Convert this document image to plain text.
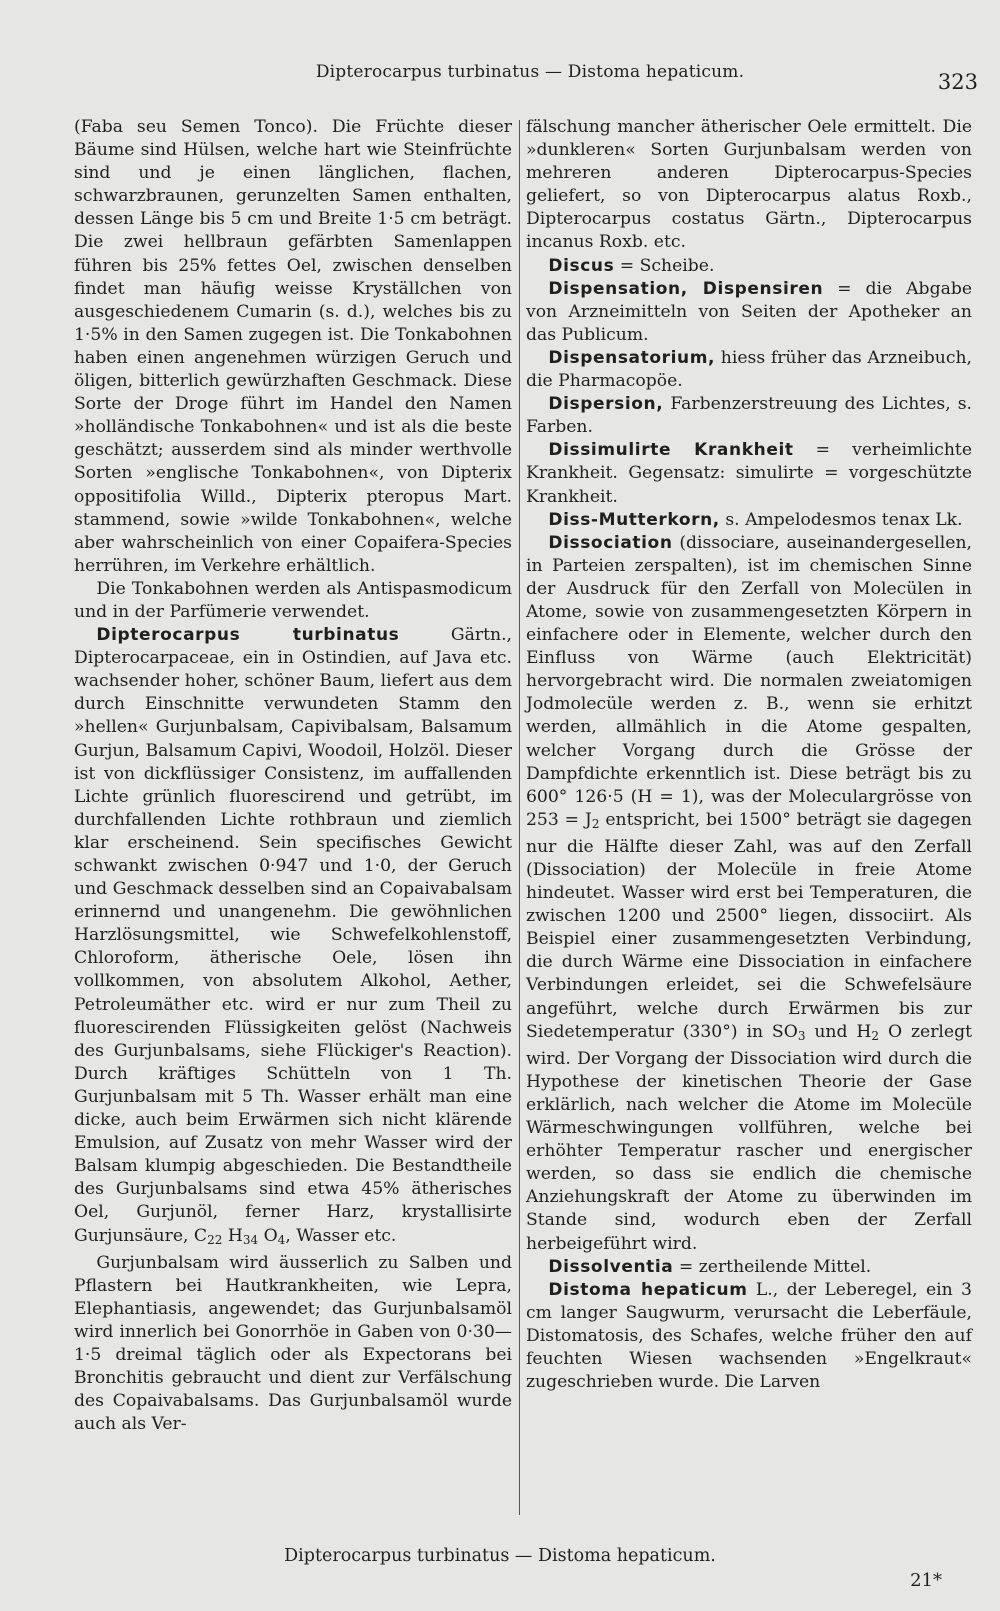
Dipterocarpus turbinatus — Distoma hepaticum.	323

(Faba seu Semen Tonco). Die Früchte dieser Bäume sind Hülsen, welche hart wie Steinfrüchte sind und je einen länglichen, flachen, schwarzbraunen, gerunzelten Samen enthalten, dessen Länge bis 5 cm und Breite 1·5 cm beträgt. Die zwei hellbraun gefärbten Samenlappen führen bis 25% fettes Oel, zwischen denselben findet man häufig weisse Kryställchen von ausgeschiedenem Cumarin (s. d.), welches bis zu 1·5% in den Samen zugegen ist. Die Tonkabohnen haben einen angenehmen würzigen Geruch und öligen, bitterlich gewürzhaften Geschmack. Diese Sorte der Droge führt im Handel den Namen »holländische Tonkabohnen« und ist als die beste geschätzt; ausserdem sind als minder werthvolle Sorten »englische Tonkabohnen«, von Dipterix oppositifolia Willd., Dipterix pteropus Mart. stammend, sowie »wilde Tonkabohnen«, welche aber wahrscheinlich von einer Copaifera-Species herrühren, im Verkehre erhältlich.

Die Tonkabohnen werden als Antispasmodicum und in der Parfümerie verwendet.

Dipterocarpus turbinatus Gärtn., Dipterocarpaceae, ein in Ostindien, auf Java etc. wachsender hoher, schöner Baum, liefert aus dem durch Einschnitte verwundeten Stamm den »hellen« Gurjunbalsam, Capivibalsam, Balsamum Gurjun, Balsamum Capivi, Woodoil, Holzöl. Dieser ist von dickflüssiger Consistenz, im auffallenden Lichte grünlich fluorescirend und getrübt, im durchfallenden Lichte rothbraun und ziemlich klar erscheinend. Sein specifisches Gewicht schwankt zwischen 0·947 und 1·0, der Geruch und Geschmack desselben sind an Copaivabalsam erinnernd und unangenehm. Die gewöhnlichen Harzlösungsmittel, wie Schwefelkohlenstoff, Chloroform, ätherische Oele, lösen ihn vollkommen, von absolutem Alkohol, Aether, Petroleumäther etc. wird er nur zum Theil zu fluorescirenden Flüssigkeiten gelöst (Nachweis des Gurjunbalsams, siehe Flückiger's Reaction). Durch kräftiges Schütteln von 1 Th. Gurjunbalsam mit 5 Th. Wasser erhält man eine dicke, auch beim Erwärmen sich nicht klärende Emulsion, auf Zusatz von mehr Wasser wird der Balsam klumpig abgeschieden. Die Bestandtheile des Gurjunbalsams sind etwa 45% ätherisches Oel, Gurjunöl, ferner Harz, krystallisirte Gurjunsäure, $C_{22}$ $H_{34}$ $O_4$, Wasser etc.

Gurjunbalsam wird äusserlich zu Salben und Pflastern bei Hautkrankheiten, wie Lepra, Elephantiasis, angewendet; das Gurjunbalsamöl wird innerlich bei Gonorrhöe in Gaben von 0·30—1·5 dreimal täglich oder als Expectorans bei Bronchitis gebraucht und dient zur Verfälschung des Copaivabalsams. Das Gurjunbalsamöl wurde auch als Ver-

fälschung mancher ätherischer Oele ermittelt. Die »dunkleren« Sorten Gurjunbalsam werden von mehreren anderen Dipterocarpus-Species geliefert, so von Dipterocarpus alatus Roxb., Dipterocarpus costatus Gärtn., Dipterocarpus incanus Roxb. etc.

Discus = Scheibe.

Dispensation, Dispensiren = die Abgabe von Arzneimitteln von Seiten der Apotheker an das Publicum.

Dispensatorium, hiess früher das Arzneibuch, die Pharmacopöe.

Dispersion, Farbenzerstreuung des Lichtes, s. Farben.

Dissimulirte Krankheit = verheimlichte Krankheit. Gegensatz: simulirte = vorgeschützte Krankheit.

Diss-Mutterkorn, s. Ampelodesmos tenax Lk.

Dissociation (dissociare, auseinandergesellen, in Parteien zerspalten), ist im chemischen Sinne der Ausdruck für den Zerfall von Molecülen in Atome, sowie von zusammengesetzten Körpern in einfachere oder in Elemente, welcher durch den Einfluss von Wärme (auch Elektricität) hervorgebracht wird. Die normalen zweiatomigen Jodmolecüle werden z. B., wenn sie erhitzt werden, allmählich in die Atome gespalten, welcher Vorgang durch die Grösse der Dampfdichte erkenntlich ist. Diese beträgt bis zu 600° 126·5 (H = 1), was der Moleculargrösse von $253 = J_2$ entspricht, bei 1500° beträgt sie dagegen nur die Hälfte dieser Zahl, was auf den Zerfall (Dissociation) der Molecüle in freie Atome hindeutet. Wasser wird erst bei Temperaturen, die zwischen 1200 und 2500° liegen, dissociirt. Als Beispiel einer zusammengesetzten Verbindung, die durch Wärme eine Dissociation in einfachere Verbindungen erleidet, sei die Schwefelsäure angeführt, welche durch Erwärmen bis zur Siedetemperatur (330°) in $SO_3$ und $H_2$ O zerlegt wird. Der Vorgang der Dissociation wird durch die Hypothese der kinetischen Theorie der Gase erklärlich, nach welcher die Atome im Molecüle Wärmeschwingungen vollführen, welche bei erhöhter Temperatur rascher und energischer werden, so dass sie endlich die chemische Anziehungskraft der Atome zu überwinden im Stande sind, wodurch eben der Zerfall herbeigeführt wird.

Dissolventia = zertheilende Mittel.

Distoma hepaticum L., der Leberegel, ein 3 cm langer Saugwurm, verursacht die Leberfäule, Distomatosis, des Schafes, welche früher den auf feuchten Wiesen wachsenden »Engelkraut« zugeschrieben wurde. Die Larven

Dipterocarpus turbinatus — Distoma hepaticum.
21*
